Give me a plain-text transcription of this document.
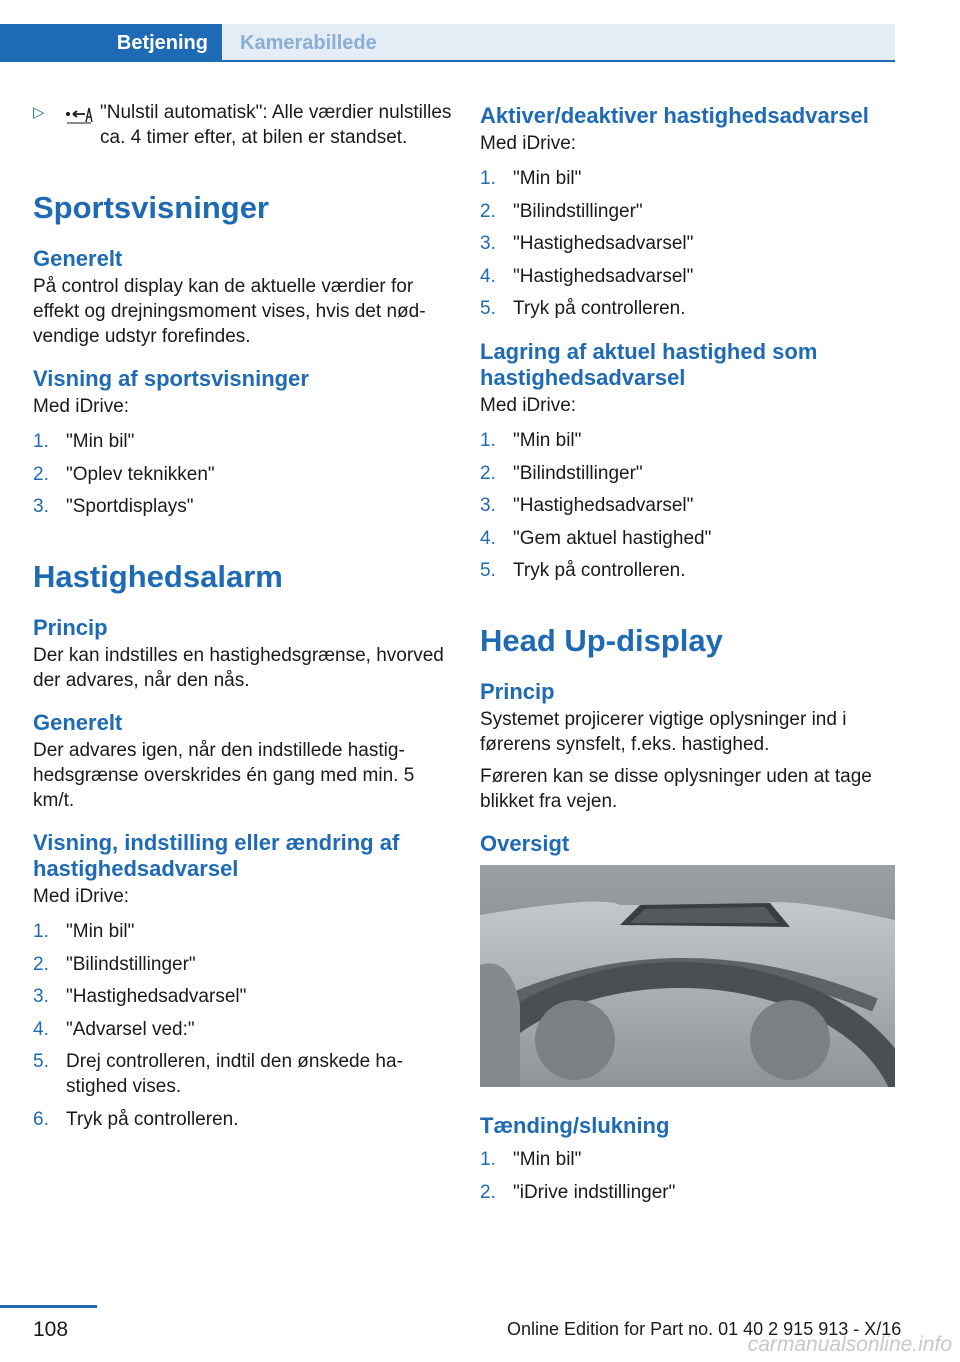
Betjening	Kamerabillede
▷	"Nulstil automatisk": Alle værdier nulstilles ca. 4 timer efter, at bilen er standset.
Sportsvisninger
Generelt
På control display kan de aktuelle værdier for effekt og drejningsmoment vises, hvis det nødvendige udstyr forefindes.
Visning af sportsvisninger
Med iDrive:
1. "Min bil"
2. "Oplev teknikken"
3. "Sportdisplays"
Hastighedsalarm
Princip
Der kan indstilles en hastighedsgrænse, hvorved der advares, når den nås.
Generelt
Der advares igen, når den indstillede hastighedsgrænse overskrides én gang med min. 5 km/t.
Visning, indstilling eller ændring af hastighedsadvarsel
Med iDrive:
1. "Min bil"
2. "Bilindstillinger"
3. "Hastighedsadvarsel"
4. "Advarsel ved:"
5. Drej controlleren, indtil den ønskede hastighed vises.
6. Tryk på controlleren.
Aktiver/deaktiver hastighedsadvarsel
Med iDrive:
1. "Min bil"
2. "Bilindstillinger"
3. "Hastighedsadvarsel"
4. "Hastighedsadvarsel"
5. Tryk på controlleren.
Lagring af aktuel hastighed som hastighedsadvarsel
Med iDrive:
1. "Min bil"
2. "Bilindstillinger"
3. "Hastighedsadvarsel"
4. "Gem aktuel hastighed"
5. Tryk på controlleren.
Head Up-display
Princip
Systemet projicerer vigtige oplysninger ind i førerens synsfelt, f.eks. hastighed.
Føreren kan se disse oplysninger uden at tage blikket fra vejen.
Oversigt
Tænding/slukning
1. "Min bil"
2. "iDrive indstillinger"
108	Online Edition for Part no. 01 40 2 915 913 - X/16
carmanualsonline.info
